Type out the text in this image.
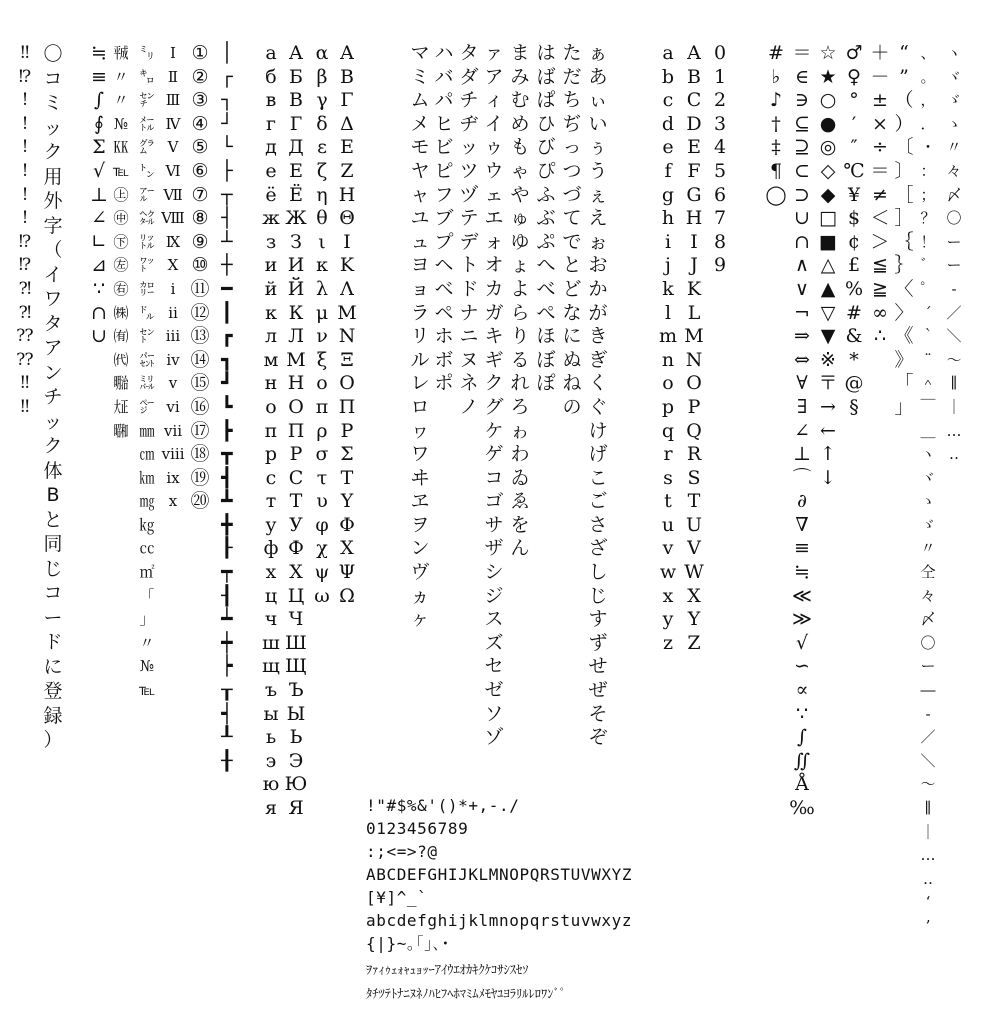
〇
コ
ミ
ッ
ク
用
外
字
（
イ
ワ
タ
ア
ン
チ
ッ
ク
体
B
と
同
じ
コ
ー
ド
に
登
録
）
‼
⁉
!
!
!
!
!
!
⁉
⁉
⁈
⁈
⁇
⁇
‼
‼
≒
≡
∫
∮
Σ
√
⊥
∠
∟
⊿
∵
∩
∪
㍻
〃
〃
№
㏍
℡
㊤
㊥
㊦
㊧
㊨
㈱
㈲
㈹
㍾
㍽
㍼
㍉
㌔
㌢
㍍
㌘
㌧
㌃
㌶
㍑
㍗
㌍
㌦
㌣
㌫
㍊
㌻
㎜
㎝
㎞
㎎
㎏
㏄
㎡
「
」
〃
№
℡
Ⅰ
Ⅱ
Ⅲ
Ⅳ
Ⅴ
Ⅵ
Ⅶ
Ⅷ
Ⅸ
Ⅹ
ⅰ
ⅱ
ⅲ
ⅳ
ⅴ
ⅵ
ⅶ
ⅷ
ⅸ
ⅹ
①
②
③
④
⑤
⑥
⑦
⑧
⑨
⑩
⑪
⑫
⑬
⑭
⑮
⑯
⑰
⑱
⑲
⑳
│
┌
┐
┘
└
├
┬
┤
┴
┼
━
┃
┏
┓
┛
┗
┣
┳
┫
┻
╋
┠
┯
┨
┷
┿
┝
┰
┥
┸
╂
а
б
в
г
д
е
ё
ж
з
и
й
к
л
м
н
о
п
р
с
т
у
ф
х
ц
ч
ш
щ
ъ
ы
ь
э
ю
я
А
Б
В
Г
Д
Е
Ё
Ж
З
И
Й
К
Л
М
Н
О
П
Р
С
Т
У
Ф
Х
Ц
Ч
Ш
Щ
Ъ
Ы
Ь
Э
Ю
Я
α
β
γ
δ
ε
ζ
η
θ
ι
κ
λ
μ
ν
ξ
ο
π
ρ
σ
τ
υ
φ
χ
ψ
ω
Α
Β
Γ
Δ
Ε
Ζ
Η
Θ
Ι
Κ
Λ
Μ
Ν
Ξ
Ο
Π
Ρ
Σ
Τ
Υ
Φ
Χ
Ψ
Ω
マ
ミ
ム
メ
モ
ヤ
ャ
ユ
ュ
ヨ
ョ
ラ
リ
ル
レ
ロ
ヮ
ワ
ヰ
ヱ
ヲ
ン
ヴ
ヵ
ヶ
ハ
バ
パ
ヒ
ビ
ピ
フ
ブ
プ
ヘ
ベ
ペ
ホ
ボ
ポ
タ
ダ
チ
ヂ
ッ
ツ
ヅ
テ
デ
ト
ド
ナ
ニ
ヌ
ネ
ノ
ァ
ア
ィ
イ
ゥ
ウ
ェ
エ
ォ
オ
カ
ガ
キ
ギ
ク
グ
ケ
ゲ
コ
ゴ
サ
ザ
シ
ジ
ス
ズ
セ
ゼ
ソ
ゾ
ま
み
む
め
も
ゃ
や
ゅ
ゆ
ょ
よ
ら
り
る
れ
ろ
ゎ
わ
ゐ
ゑ
を
ん
は
ば
ぱ
ひ
び
ぴ
ふ
ぶ
ぷ
へ
べ
ぺ
ほ
ぼ
ぽ
た
だ
ち
ぢ
っ
つ
づ
て
で
と
ど
な
に
ぬ
ね
の
ぁ
あ
ぃ
い
ぅ
う
ぇ
え
ぉ
お
か
が
き
ぎ
く
ぐ
け
げ
こ
ご
さ
ざ
し
じ
す
ず
せ
ぜ
そ
ぞ
a
b
c
d
e
f
g
h
i
j
k
l
m
n
o
p
q
r
s
t
u
v
w
x
y
z
A
B
C
D
E
F
G
H
I
J
K
L
M
N
O
P
Q
R
S
T
U
V
W
X
Y
Z
0
1
2
3
4
5
6
7
8
9
#
♭
♪
†
‡
¶
◯
＝
∈
∋
⊆
⊇
⊂
⊃
∪
∩
∧
∨
¬
⇒
⇔
∀
∃
∠
⊥
⌒
∂
∇
≡
≒
≪
≫
√
∽
∝
∵
∫
∬
Å
‰
☆
★
○
●
◎
◇
◆
□
■
△
▲
▽
▼
※
〒
→
←
↑
↓
♂
♀
°
′
″
℃
¥
$
¢
£
%
#
&
*
@
§
＋
－
±
×
÷
＝
≠
＜
＞
≦
≧
∞
∴
“
”
（
）
〔
〕
［
］
｛
｝
〈
〉
《
》
「
」
、
。
，
．
・
：
；
？
！
゛
゜
´
｀
¨
＾
￣
＿
ヽ
ヾ
ゝ
ゞ
〃
仝
々
〆
〇
ー
―
‐
／
＼
～
∥
｜
…
‥
‘
’
ヽ
ヾ
ゞ
ゝ
〃
々
〆
〇
ー
ー
‐
／
＼
～
∥
｜
…
‥
!"#$%&'()*+,-./
0123456789
:;<=>?@
ABCDEFGHIJKLMNOPQRSTUVWXYZ
[¥]^_`
abcdefghijklmnopqrstuvwxyz
{|}~｡｢｣､･
ｦｧｨｩｪｫｬｭｮｯｰｱｲｳｴｵｶｷｸｹｺｻｼｽｾｿ
ﾀﾁﾂﾃﾄﾅﾆﾇﾈﾉﾊﾋﾌﾍﾎﾏﾐﾑﾒﾓﾔﾕﾖﾗﾘﾙﾚﾛﾜﾝﾞﾟ
